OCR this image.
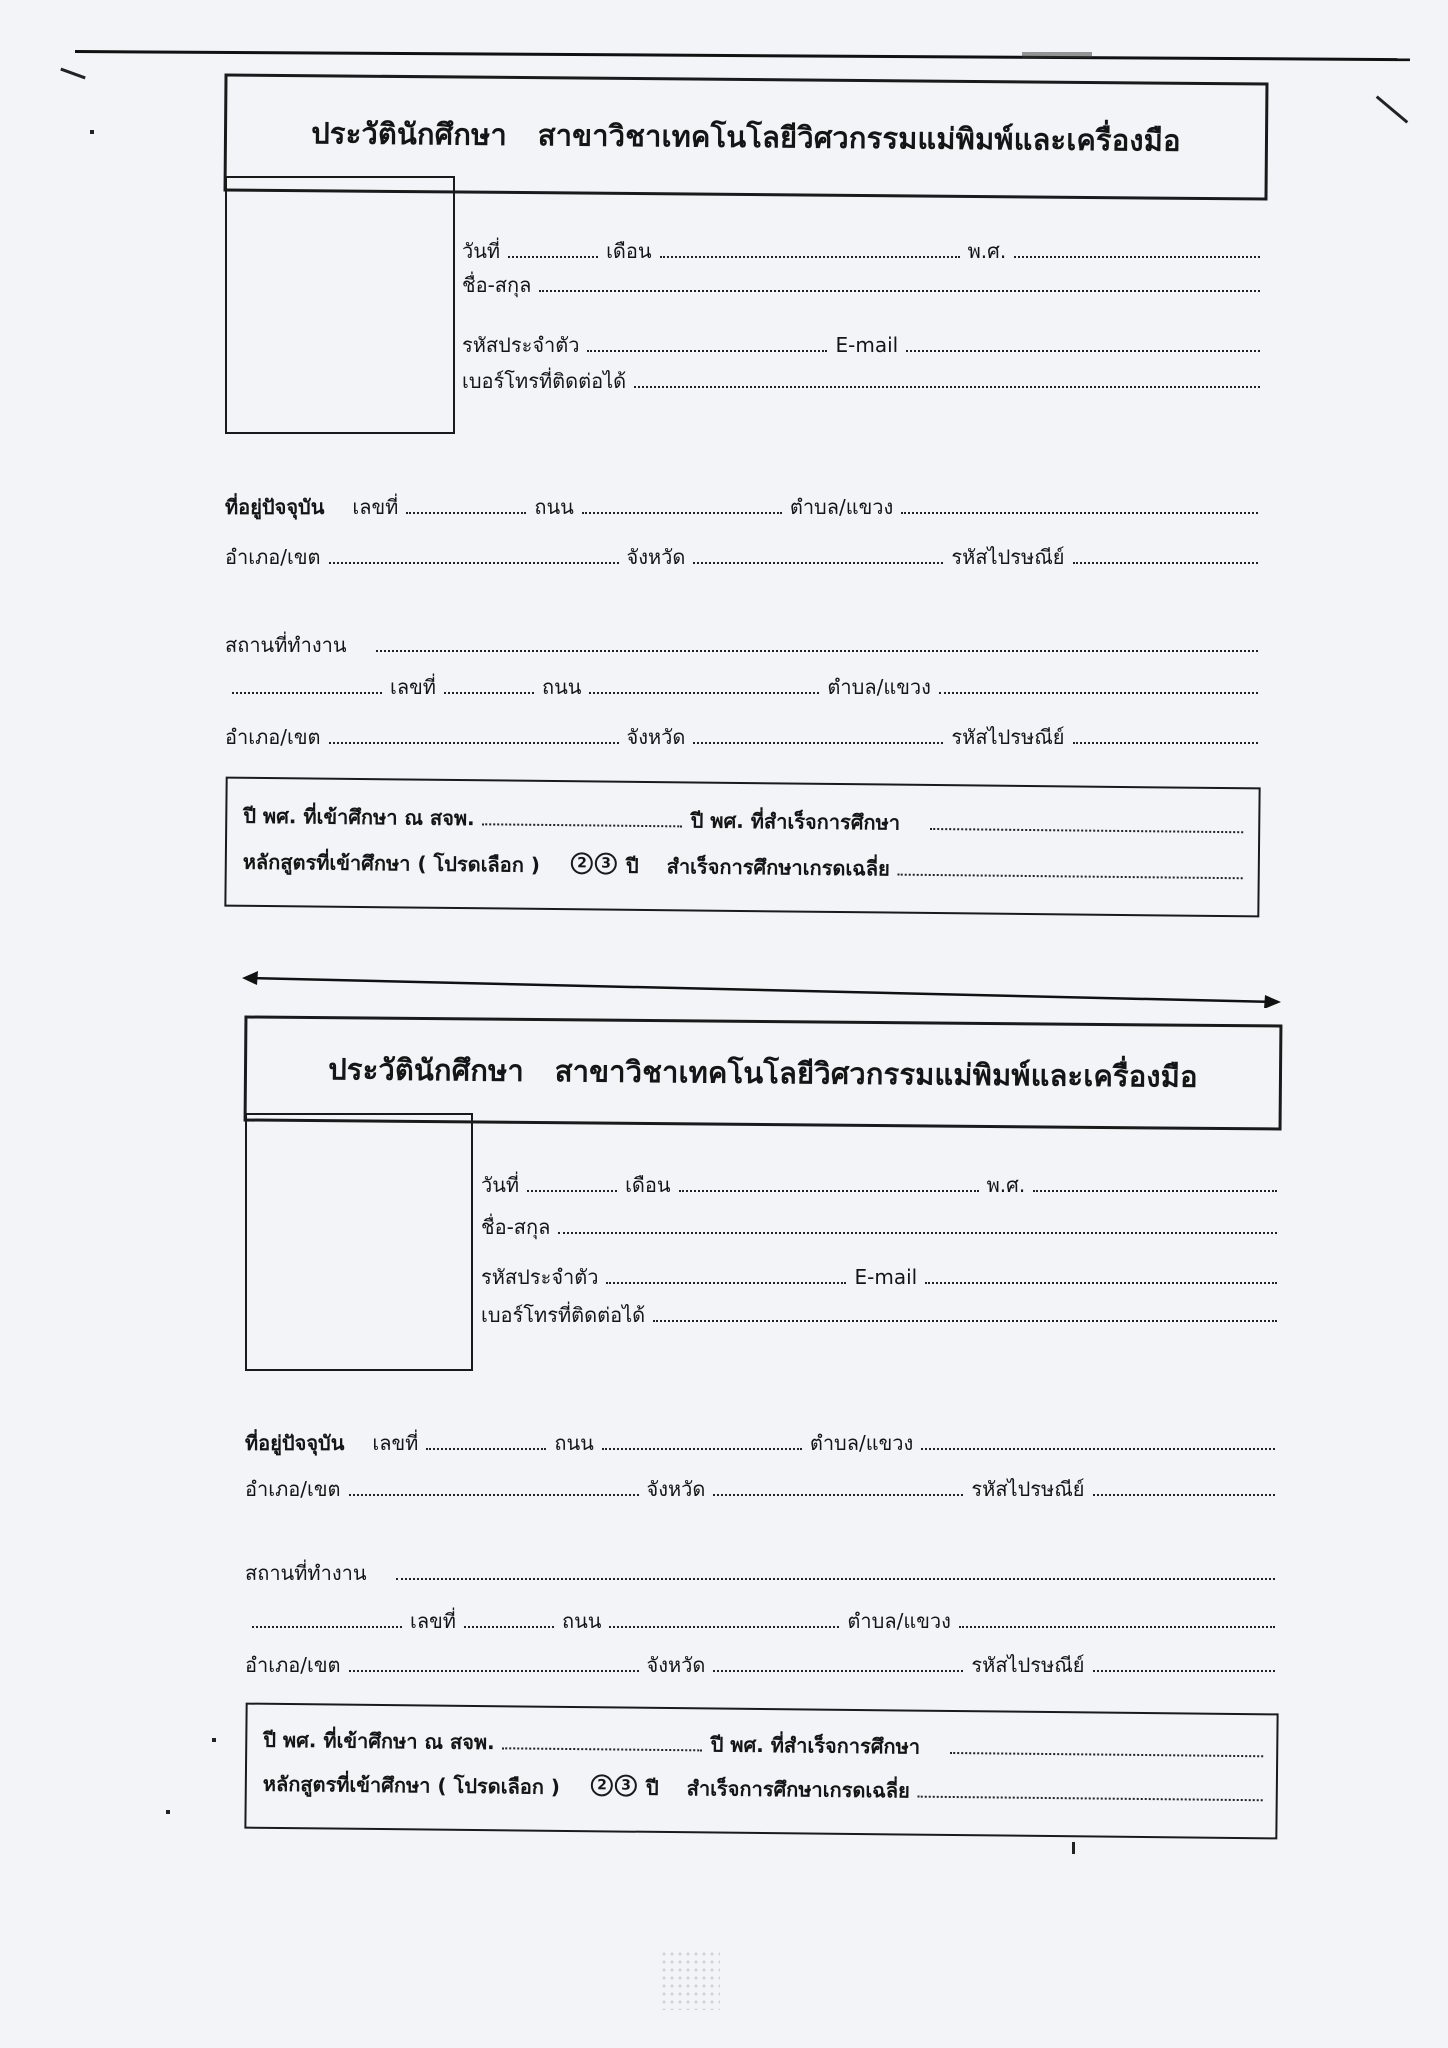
ประวัตินักศึกษา
สาขาวิชาเทคโนโลยีวิศวกรรมแม่พิมพ์และเครื่องมือ
วันที่	เดือน	พ.ศ.
ชื่อ-สกุล
รหัสประจำตัว	E-mail
เบอร์โทรที่ติดต่อได้
ที่อยู่ปัจจุบัน	เลขที่	ถนน	ตำบล/แขวง
อำเภอ/เขต	จังหวัด	รหัสไปรษณีย์
สถานที่ทำงาน
เลขที่	ถนน	ตำบล/แขวง
อำเภอ/เขต	จังหวัด	รหัสไปรษณีย์
ปี พศ. ที่เข้าศึกษา ณ สจพ.	ปี พศ. ที่สำเร็จการศึกษา
หลักสูตรที่เข้าศึกษา ( โปรดเลือก )	2	3 ปี	สำเร็จการศึกษาเกรดเฉลี่ย
ประวัตินักศึกษา
สาขาวิชาเทคโนโลยีวิศวกรรมแม่พิมพ์และเครื่องมือ
วันที่	เดือน	พ.ศ.
ชื่อ-สกุล
รหัสประจำตัว	E-mail
เบอร์โทรที่ติดต่อได้
ที่อยู่ปัจจุบัน	เลขที่	ถนน	ตำบล/แขวง
อำเภอ/เขต	จังหวัด	รหัสไปรษณีย์
สถานที่ทำงาน
เลขที่	ถนน	ตำบล/แขวง
อำเภอ/เขต	จังหวัด	รหัสไปรษณีย์
ปี พศ. ที่เข้าศึกษา ณ สจพ.	ปี พศ. ที่สำเร็จการศึกษา
หลักสูตรที่เข้าศึกษา ( โปรดเลือก )	2	3 ปี	สำเร็จการศึกษาเกรดเฉลี่ย
